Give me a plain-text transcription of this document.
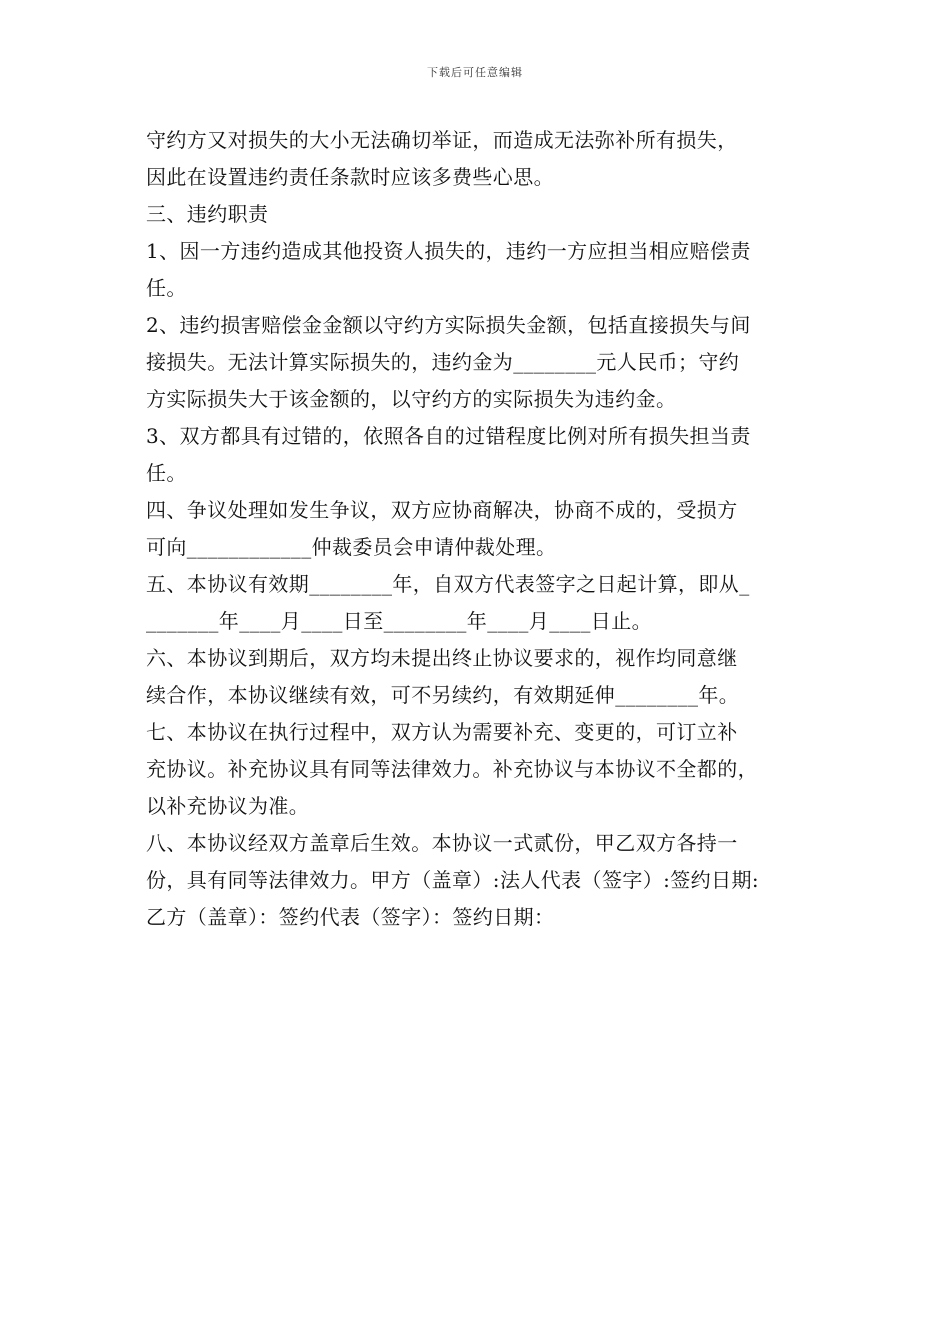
下载后可任意编辑
守约方又对损失的大小无法确切举证，而造成无法弥补所有损失，
因此在设置违约责任条款时应该多费些心思。
三、违约职责
1、因一方违约造成其他投资人损失的，违约一方应担当相应赔偿责
任。
2、违约损害赔偿金金额以守约方实际损失金额，包括直接损失与间
接损失。无法计算实际损失的，违约金为________元人民币；守约
方实际损失大于该金额的，以守约方的实际损失为违约金。
3、双方都具有过错的，依照各自的过错程度比例对所有损失担当责
任。
四、争议处理如发生争议，双方应协商解决，协商不成的，受损方
可向____________仲裁委员会申请仲裁处理。
五、本协议有效期________年，自双方代表签字之日起计算，即从_
_______年____月____日至________年____月____日止。
六、本协议到期后，双方均未提出终止协议要求的，视作均同意继
续合作，本协议继续有效，可不另续约，有效期延伸________年。
七、本协议在执行过程中，双方认为需要补充、变更的，可订立补
充协议。补充协议具有同等法律效力。补充协议与本协议不全都的，
以补充协议为准。
八、本协议经双方盖章后生效。本协议一式贰份，甲乙双方各持一
份，具有同等法律效力。甲方（盖章）:法人代表（签字）:签约日期:
乙方（盖章）：签约代表（签字）：签约日期：
